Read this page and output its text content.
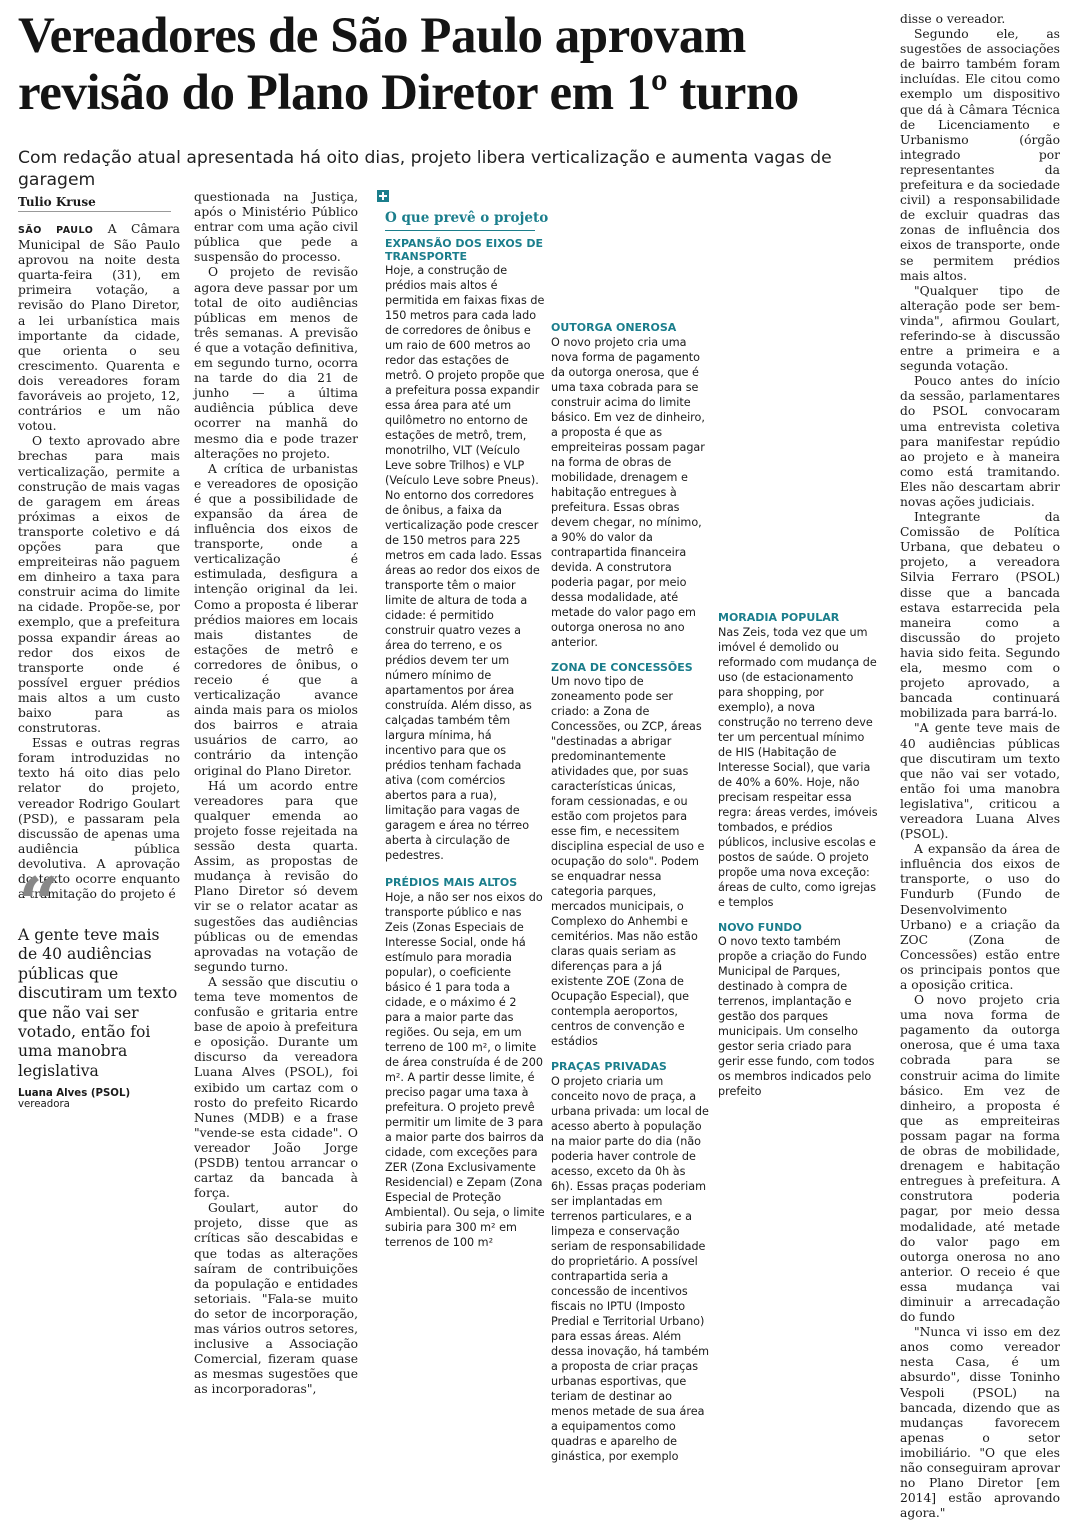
Vereadores de São Paulo aprovam revisão do Plano Diretor em 1º turno

Com redação atual apresentada há oito dias, projeto libera verticalização e aumenta vagas de garagem

Tulio Kruse

SÃO PAULO A Câmara Municipal de São Paulo aprovou na noite desta quarta-feira (31), em primeira votação, a revisão do Plano Diretor, a lei urbanística mais importante da cidade, que orienta o seu crescimento. Quarenta e dois vereadores foram favoráveis ao projeto, 12, contrários e um não votou.

O texto aprovado abre brechas para mais verticalização, permite a construção de mais vagas de garagem em áreas próximas a eixos de transporte coletivo e dá opções para que empreiteiras não paguem em dinheiro a taxa para construir acima do limite na cidade. Propõe-se, por exemplo, que a prefeitura possa expandir áreas ao redor dos eixos de transporte onde é possível erguer prédios mais altos a um custo baixo para as construtoras.

Essas e outras regras foram introduzidas no texto há oito dias pelo relator do projeto, vereador Rodrigo Goulart (PSD), e passaram pela discussão de apenas uma audiência pública devolutiva. A aprovação do texto ocorre enquanto a tramitação do projeto é

questionada na Justiça, após o Ministério Público entrar com uma ação civil pública que pede a suspensão do processo.

O projeto de revisão agora deve passar por um total de oito audiências públicas em menos de três semanas. A previsão é que a votação definitiva, em segundo turno, ocorra na tarde do dia 21 de junho — a última audiência pública deve ocorrer na manhã do mesmo dia e pode trazer alterações no projeto.

A crítica de urbanistas e vereadores de oposição é que a possibilidade de expansão da área de influência dos eixos de transporte, onde a verticalização é estimulada, desfigura a intenção original da lei. Como a proposta é liberar prédios maiores em locais mais distantes de estações de metrô e corredores de ônibus, o receio é que a verticalização avance ainda mais para os miolos dos bairros e atraia usuários de carro, ao contrário da intenção original do Plano Diretor.

Há um acordo entre vereadores para que qualquer emenda ao projeto fosse rejeitada na sessão desta quarta. Assim, as propostas de mudança à revisão do Plano Diretor só devem vir se o relator acatar as sugestões das audiências públicas ou de emendas aprovadas na votação de segundo turno.

A sessão que discutiu o tema teve momentos de confusão e gritaria entre base de apoio à prefeitura e oposição. Durante um discurso da vereadora Luana Alves (PSOL), foi exibido um cartaz com o rosto do prefeito Ricardo Nunes (MDB) e a frase "vende-se esta cidade". O vereador João Jorge (PSDB) tentou arrancar o cartaz da bancada à força.

Goulart, autor do projeto, disse que as críticas são descabidas e que todas as alterações saíram de contribuições da população e entidades setoriais. "Fala-se muito do setor de incorporação, mas vários outros setores, inclusive a Associação Comercial, fizeram quase as mesmas sugestões que as incorporadoras",

O que prevê o projeto

EXPANSÃO DOS EIXOS DE TRANSPORTE

Hoje, a construção de prédios mais altos é permitida em faixas fixas de 150 metros para cada lado de corredores de ônibus e um raio de 600 metros ao redor das estações de metrô. O projeto propõe que a prefeitura possa expandir essa área para até um quilômetro no entorno de estações de metrô, trem, monotrilho, VLT (Veículo Leve sobre Trilhos) e VLP (Veículo Leve sobre Pneus). No entorno dos corredores de ônibus, a faixa da verticalização pode crescer de 150 metros para 225 metros em cada lado. Essas áreas ao redor dos eixos de transporte têm o maior limite de altura de toda a cidade: é permitido construir quatro vezes a área do terreno, e os prédios devem ter um número mínimo de apartamentos por área construída. Além disso, as calçadas também têm largura mínima, há incentivo para que os prédios tenham fachada ativa (com comércios abertos para a rua), limitação para vagas de garagem e área no térreo aberta à circulação de pedestres.

PRÉDIOS MAIS ALTOS

Hoje, a não ser nos eixos do transporte público e nas Zeis (Zonas Especiais de Interesse Social, onde há estímulo para moradia popular), o coeficiente básico é 1 para toda a cidade, e o máximo é 2 para a maior parte das regiões. Ou seja, em um terreno de 100 m², o limite de área construída é de 200 m². A partir desse limite, é preciso pagar uma taxa à prefeitura. O projeto prevê permitir um limite de 3 para a maior parte dos bairros da cidade, com exceções para ZER (Zona Exclusivamente Residencial) e Zepam (Zona Especial de Proteção Ambiental). Ou seja, o limite subiria para 300 m² em terrenos de 100 m²

OUTORGA ONEROSA

O novo projeto cria uma nova forma de pagamento da outorga onerosa, que é uma taxa cobrada para se construir acima do limite básico. Em vez de dinheiro, a proposta é que as empreiteiras possam pagar na forma de obras de mobilidade, drenagem e habitação entregues à prefeitura. Essas obras devem chegar, no mínimo, a 90% do valor da contrapartida financeira devida. A construtora poderia pagar, por meio dessa modalidade, até metade do valor pago em outorga onerosa no ano anterior.

ZONA DE CONCESSÕES

Um novo tipo de zoneamento pode ser criado: a Zona de Concessões, ou ZCP, áreas "destinadas a abrigar predominantemente atividades que, por suas características únicas, foram cessionadas, e ou estão com projetos para esse fim, e necessitem disciplina especial de uso e ocupação do solo". Podem se enquadrar nessa categoria parques, mercados municipais, o Complexo do Anhembi e cemitérios. Mas não estão claras quais seriam as diferenças para a já existente ZOE (Zona de Ocupação Especial), que contempla aeroportos, centros de convenção e estádios

PRAÇAS PRIVADAS

O projeto criaria um conceito novo de praça, a urbana privada: um local de acesso aberto à população na maior parte do dia (não poderia haver controle de acesso, exceto da 0h às 6h). Essas praças poderiam ser implantadas em terrenos particulares, e a limpeza e conservação seriam de responsabilidade do proprietário. A possível contrapartida seria a concessão de incentivos fiscais no IPTU (Imposto Predial e Territorial Urbano) para essas áreas. Além dessa inovação, há também a proposta de criar praças urbanas esportivas, que teriam de destinar ao menos metade de sua área a equipamentos como quadras e aparelho de ginástica, por exemplo

MORADIA POPULAR

Nas Zeis, toda vez que um imóvel é demolido ou reformado com mudança de uso (de estacionamento para shopping, por exemplo), a nova construção no terreno deve ter um percentual mínimo de HIS (Habitação de Interesse Social), que varia de 40% a 60%. Hoje, não precisam respeitar essa regra: áreas verdes, imóveis tombados, e prédios públicos, inclusive escolas e postos de saúde. O projeto propõe uma nova exceção: áreas de culto, como igrejas e templos

NOVO FUNDO

O novo texto também propõe a criação do Fundo Municipal de Parques, destinado à compra de terrenos, implantação e gestão dos parques municipais. Um conselho gestor seria criado para gerir esse fundo, com todos os membros indicados pelo prefeito

“
A gente teve mais de 40 audiências públicas que discutiram um texto que não vai ser votado, então foi uma manobra legislativa
Luana Alves (PSOL)
vereadora

disse o vereador.

Segundo ele, as sugestões de associações de bairro também foram incluídas. Ele citou como exemplo um dispositivo que dá à Câmara Técnica de Licenciamento e Urbanismo (órgão integrado por representantes da prefeitura e da sociedade civil) a responsabilidade de excluir quadras das zonas de influência dos eixos de transporte, onde se permitem prédios mais altos.

"Qualquer tipo de alteração pode ser bem-vinda", afirmou Goulart, referindo-se à discussão entre a primeira e a segunda votação.

Pouco antes do início da sessão, parlamentares do PSOL convocaram uma entrevista coletiva para manifestar repúdio ao projeto e à maneira como está tramitando. Eles não descartam abrir novas ações judiciais.

Integrante da Comissão de Política Urbana, que debateu o projeto, a vereadora Silvia Ferraro (PSOL) disse que a bancada estava estarrecida pela maneira como a discussão do projeto havia sido feita. Segundo ela, mesmo com o projeto aprovado, a bancada continuará mobilizada para barrá-lo.

"A gente teve mais de 40 audiências públicas que discutiram um texto que não vai ser votado, então foi uma manobra legislativa", criticou a vereadora Luana Alves (PSOL).

A expansão da área de influência dos eixos de transporte, o uso do Fundurb (Fundo de Desenvolvimento Urbano) e a criação da ZOC (Zona de Concessões) estão entre os principais pontos que a oposição critica.

O novo projeto cria uma nova forma de pagamento da outorga onerosa, que é uma taxa cobrada para se construir acima do limite básico. Em vez de dinheiro, a proposta é que as empreiteiras possam pagar na forma de obras de mobilidade, drenagem e habitação entregues à prefeitura. A construtora poderia pagar, por meio dessa modalidade, até metade do valor pago em outorga onerosa no ano anterior. O receio é que essa mudança vai diminuir a arrecadação do fundo

"Nunca vi isso em dez anos como vereador nesta Casa, é um absurdo", disse Toninho Vespoli (PSOL) na bancada, dizendo que as mudanças favorecem apenas o setor imobiliário. "O que eles não conseguiram aprovar no Plano Diretor [em 2014] estão aprovando agora."
